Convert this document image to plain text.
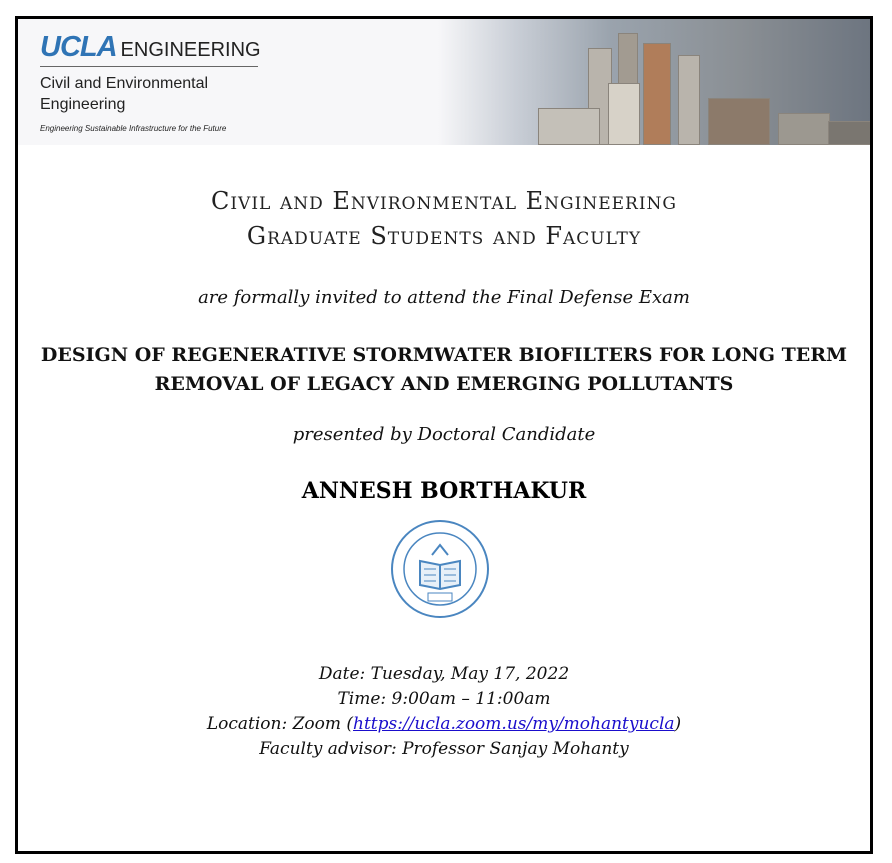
UCLA ENGINEERING
Civil and Environmental Engineering
Engineering Sustainable Infrastructure for the Future
Civil and Environmental Engineering
Graduate Students and Faculty
are formally invited to attend the Final Defense Exam
DESIGN OF REGENERATIVE STORMWATER BIOFILTERS FOR LONG TERM
REMOVAL OF LEGACY AND EMERGING POLLUTANTS
presented by Doctoral Candidate
ANNESH BORTHAKUR
Date: Tuesday, May 17, 2022
Time: 9:00am – 11:00am
Location: Zoom (https://ucla.zoom.us/my/mohantyucla)
Faculty advisor: Professor Sanjay Mohanty
